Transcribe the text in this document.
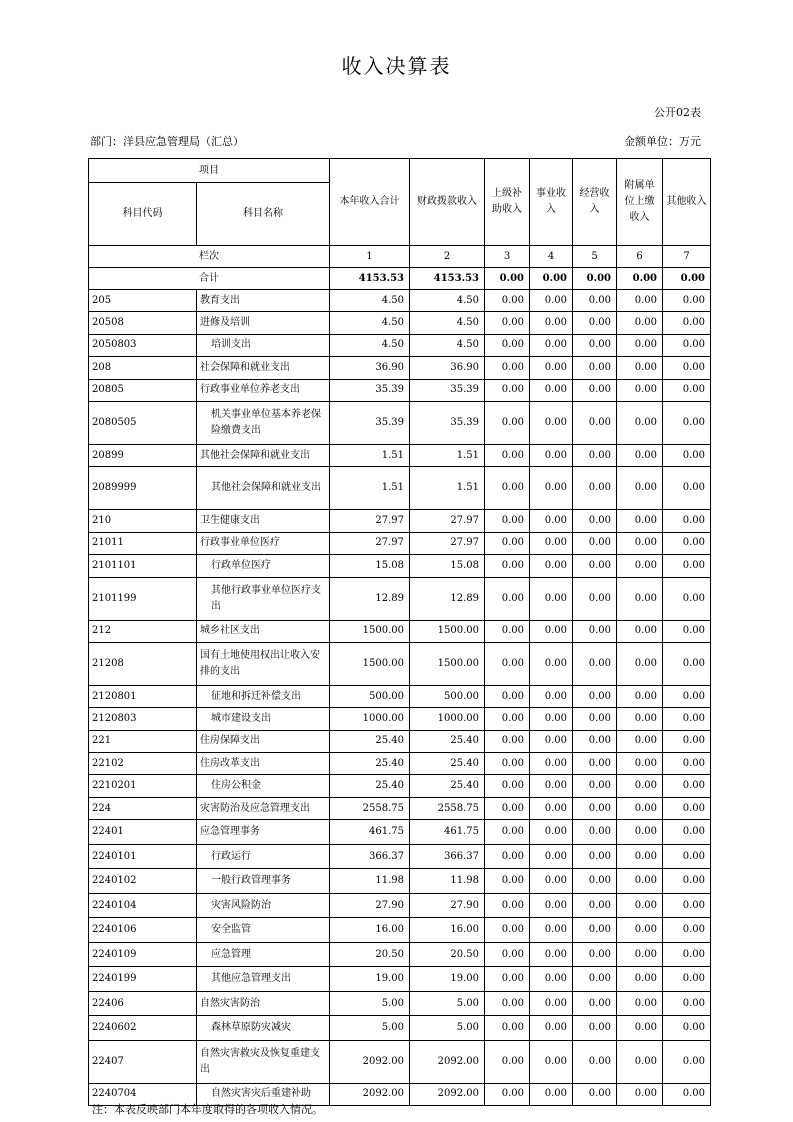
收入决算表
公开02表
部门：洋县应急管理局（汇总）	金额单位：万元
项目		本年收入合计	财政拨款收入	上级补助收入	事业收入	经营收入	附属单位上缴收入	其他收入
科目代码	科目名称							
栏次		1	2	3	4	5	6	7
合计		4153.53	4153.53	0.00	0.00	0.00	0.00	0.00
205	教育支出	4.50	4.50	0.00	0.00	0.00	0.00	0.00
20508	进修及培训	4.50	4.50	0.00	0.00	0.00	0.00	0.00
2050803	培训支出	4.50	4.50	0.00	0.00	0.00	0.00	0.00
208	社会保障和就业支出	36.90	36.90	0.00	0.00	0.00	0.00	0.00
20805	行政事业单位养老支出	35.39	35.39	0.00	0.00	0.00	0.00	0.00
2080505	机关事业单位基本养老保险缴费支出	35.39	35.39	0.00	0.00	0.00	0.00	0.00
20899	其他社会保障和就业支出	1.51	1.51	0.00	0.00	0.00	0.00	0.00
2089999	其他社会保障和就业支出	1.51	1.51	0.00	0.00	0.00	0.00	0.00
210	卫生健康支出	27.97	27.97	0.00	0.00	0.00	0.00	0.00
21011	行政事业单位医疗	27.97	27.97	0.00	0.00	0.00	0.00	0.00
2101101	行政单位医疗	15.08	15.08	0.00	0.00	0.00	0.00	0.00
2101199	其他行政事业单位医疗支出	12.89	12.89	0.00	0.00	0.00	0.00	0.00
212	城乡社区支出	1500.00	1500.00	0.00	0.00	0.00	0.00	0.00
21208	国有土地使用权出让收入安排的支出	1500.00	1500.00	0.00	0.00	0.00	0.00	0.00
2120801	征地和拆迁补偿支出	500.00	500.00	0.00	0.00	0.00	0.00	0.00
2120803	城市建设支出	1000.00	1000.00	0.00	0.00	0.00	0.00	0.00
221	住房保障支出	25.40	25.40	0.00	0.00	0.00	0.00	0.00
22102	住房改革支出	25.40	25.40	0.00	0.00	0.00	0.00	0.00
2210201	住房公积金	25.40	25.40	0.00	0.00	0.00	0.00	0.00
224	灾害防治及应急管理支出	2558.75	2558.75	0.00	0.00	0.00	0.00	0.00
22401	应急管理事务	461.75	461.75	0.00	0.00	0.00	0.00	0.00
2240101	行政运行	366.37	366.37	0.00	0.00	0.00	0.00	0.00
2240102	一般行政管理事务	11.98	11.98	0.00	0.00	0.00	0.00	0.00
2240104	灾害风险防治	27.90	27.90	0.00	0.00	0.00	0.00	0.00
2240106	安全监管	16.00	16.00	0.00	0.00	0.00	0.00	0.00
2240109	应急管理	20.50	20.50	0.00	0.00	0.00	0.00	0.00
2240199	其他应急管理支出	19.00	19.00	0.00	0.00	0.00	0.00	0.00
22406	自然灾害防治	5.00	5.00	0.00	0.00	0.00	0.00	0.00
2240602	森林草原防灾减灾	5.00	5.00	0.00	0.00	0.00	0.00	0.00
22407	自然灾害救灾及恢复重建支出	2092.00	2092.00	0.00	0.00	0.00	0.00	0.00
2240704	自然灾害灾后重建补助	2092.00	2092.00	0.00	0.00	0.00	0.00	0.00
注：本表反映部门本年度取得的各项收入情况。
